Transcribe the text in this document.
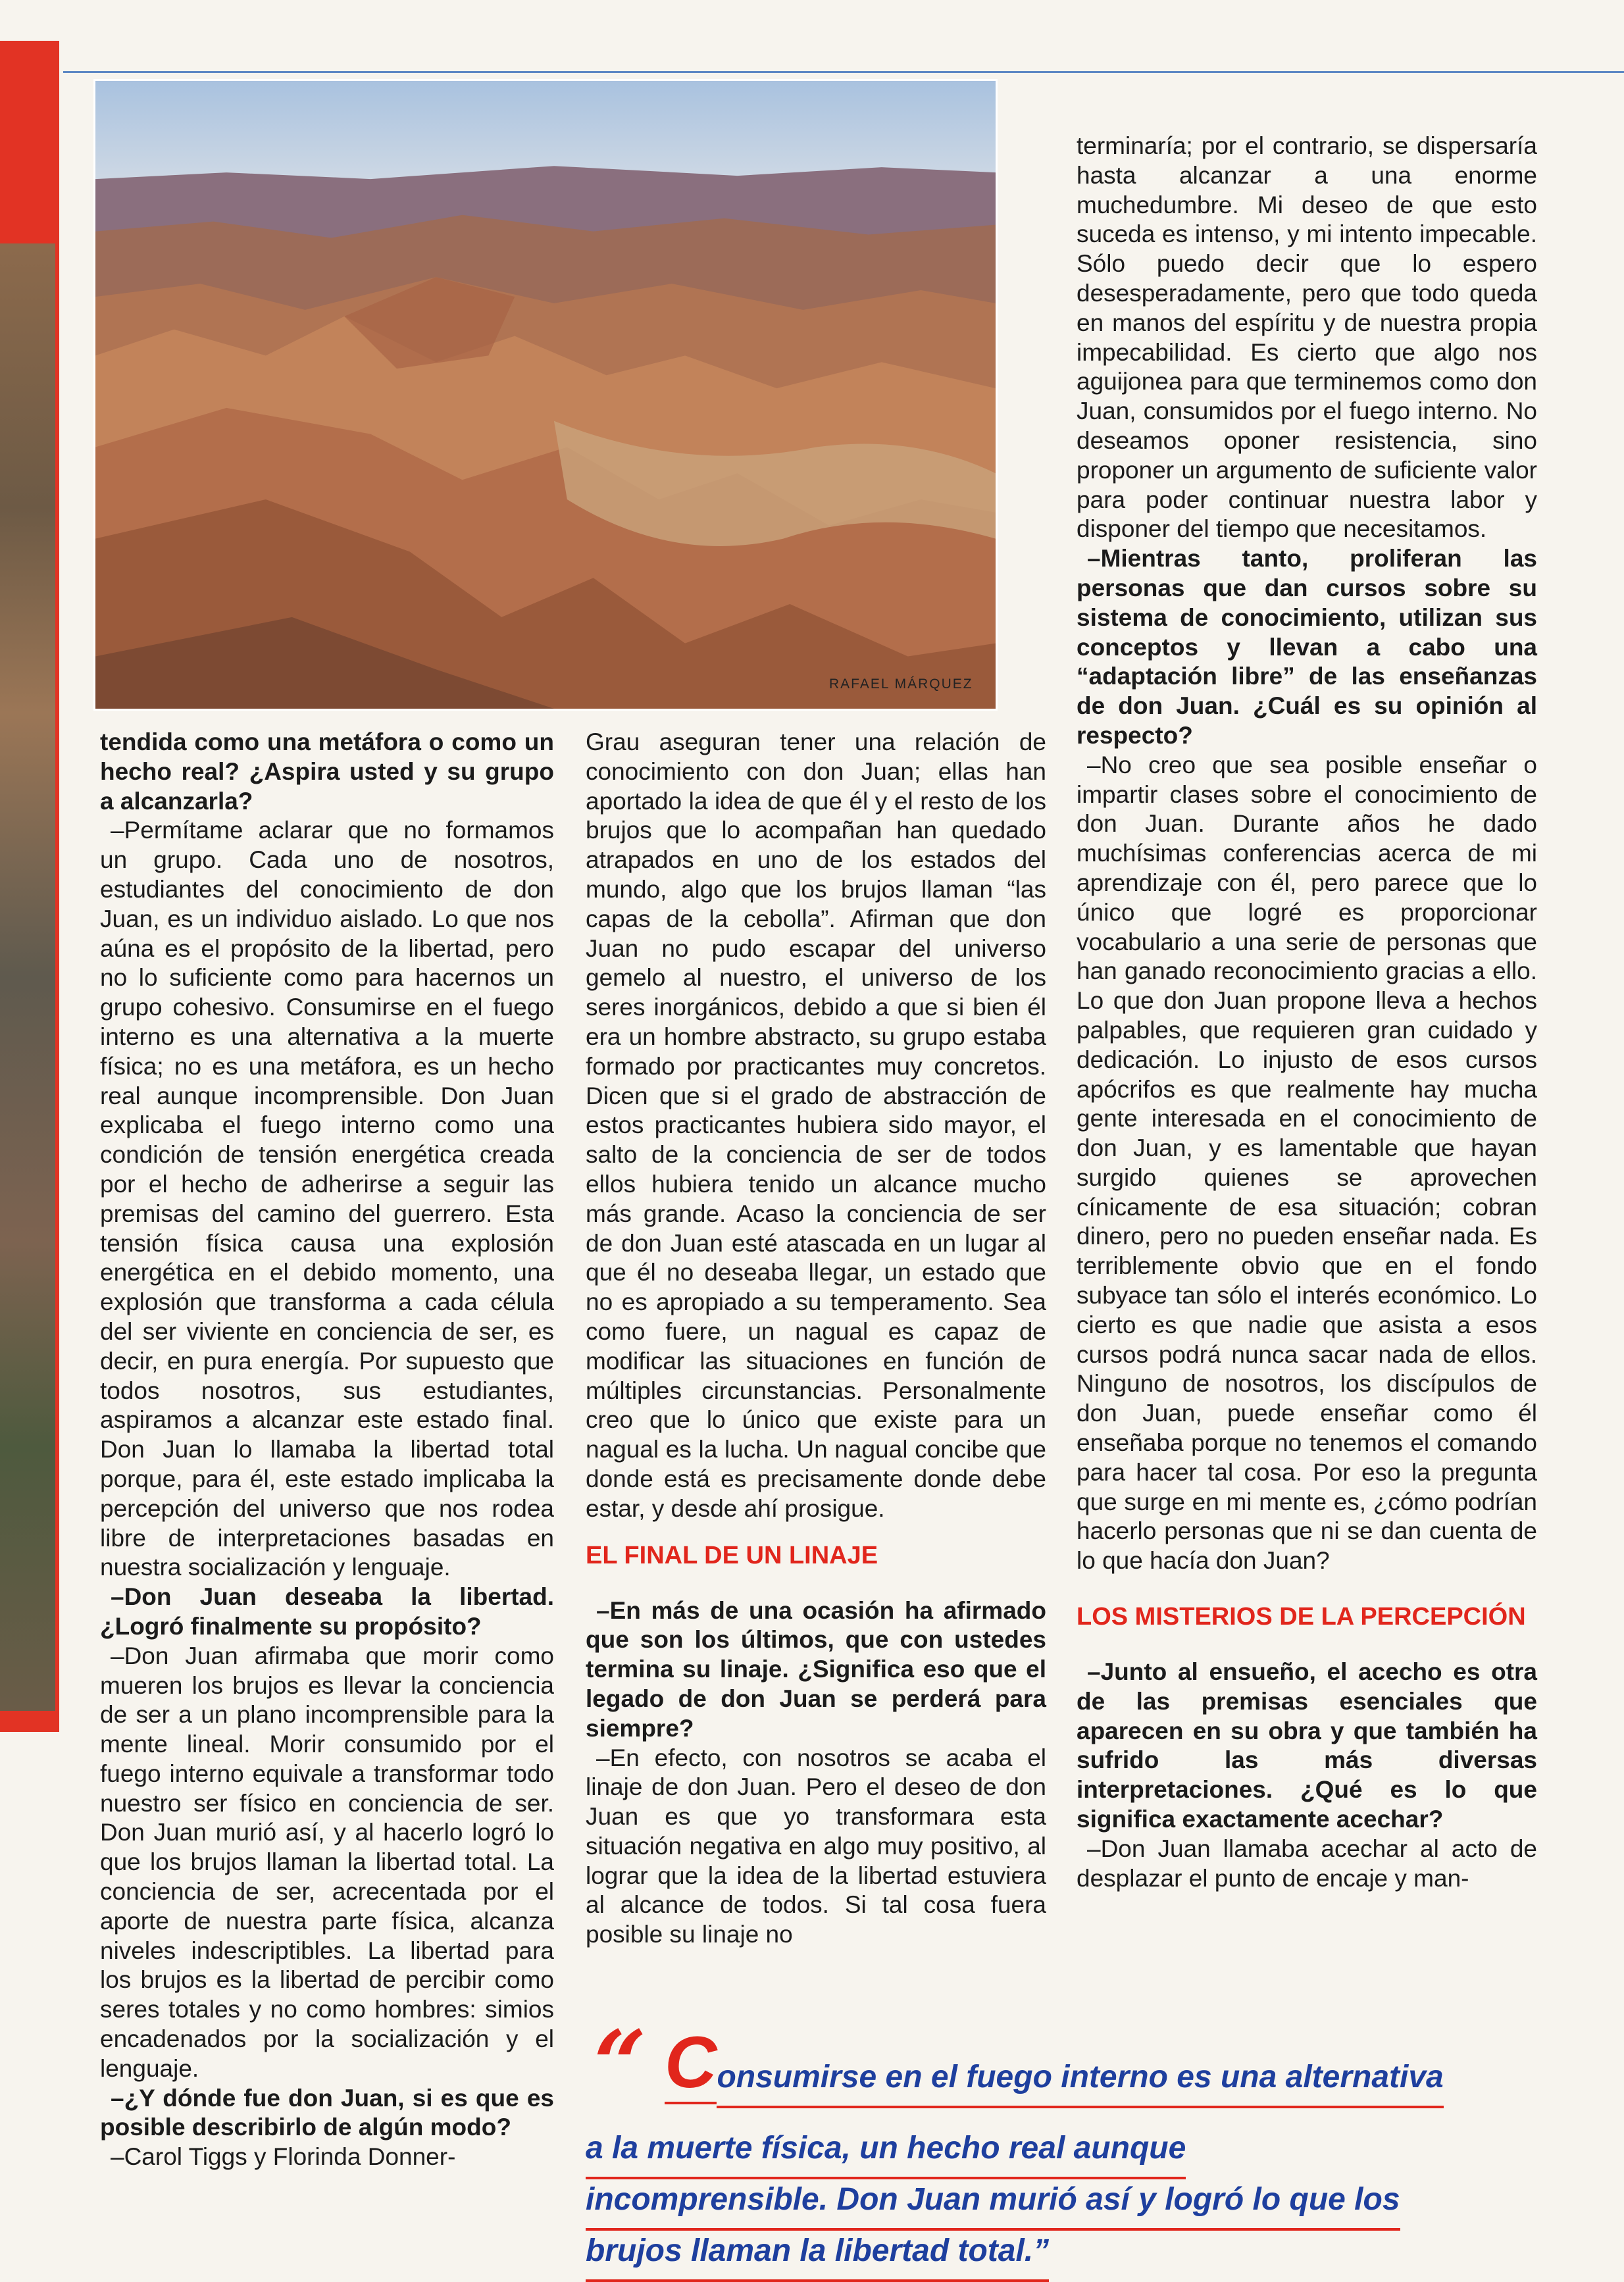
RAFAEL MÁRQUEZ

tendida como una metáfora o como un hecho real? ¿Aspira usted y su grupo a alcanzarla?

–Permítame aclarar que no formamos un grupo. Cada uno de nosotros, estudiantes del conocimiento de don Juan, es un individuo aislado. Lo que nos aúna es el propósito de la libertad, pero no lo suficiente como para hacernos un grupo cohesivo. Consumirse en el fuego interno es una alternativa a la muerte física; no es una metáfora, es un hecho real aunque incomprensible. Don Juan explicaba el fuego interno como una condición de tensión energética creada por el hecho de adherirse a seguir las premisas del camino del guerrero. Esta tensión física causa una explosión energética en el debido momento, una explosión que transforma a cada célula del ser viviente en conciencia de ser, es decir, en pura energía. Por supuesto que todos nosotros, sus estudiantes, aspiramos a alcanzar este estado final. Don Juan lo llamaba la libertad total porque, para él, este estado implicaba la percepción del universo que nos rodea libre de interpretaciones basadas en nuestra socialización y lenguaje.

–Don Juan deseaba la libertad. ¿Logró finalmente su propósito?

–Don Juan afirmaba que morir como mueren los brujos es llevar la conciencia de ser a un plano incomprensible para la mente lineal. Morir consumido por el fuego interno equivale a transformar todo nuestro ser físico en conciencia de ser. Don Juan murió así, y al hacerlo logró lo que los brujos llaman la libertad total. La conciencia de ser, acrecentada por el aporte de nuestra parte física, alcanza niveles indescriptibles. La libertad para los brujos es la libertad de percibir como seres totales y no como hombres: simios encadenados por la socialización y el lenguaje.

–¿Y dónde fue don Juan, si es que es posible describirlo de algún modo?

–Carol Tiggs y Florinda Donner-

Grau aseguran tener una relación de conocimiento con don Juan; ellas han aportado la idea de que él y el resto de los brujos que lo acompañan han quedado atrapados en uno de los estados del mundo, algo que los brujos llaman “las capas de la cebolla”. Afirman que don Juan no pudo escapar del universo gemelo al nuestro, el universo de los seres inorgánicos, debido a que si bien él era un hombre abstracto, su grupo estaba formado por practicantes muy concretos. Dicen que si el grado de abstracción de estos practicantes hubiera sido mayor, el salto de la conciencia de ser de todos ellos hubiera tenido un alcance mucho más grande. Acaso la conciencia de ser de don Juan esté atascada en un lugar al que él no deseaba llegar, un estado que no es apropiado a su temperamento. Sea como fuere, un nagual es capaz de modificar las situaciones en función de múltiples circunstancias. Personalmente creo que lo único que existe para un nagual es la lucha. Un nagual concibe que donde está es precisamente donde debe estar, y desde ahí prosigue.

EL FINAL DE UN LINAJE

–En más de una ocasión ha afirmado que son los últimos, que con ustedes termina su linaje. ¿Significa eso que el legado de don Juan se perderá para siempre?

–En efecto, con nosotros se acaba el linaje de don Juan. Pero el deseo de don Juan es que yo transformara esta situación negativa en algo muy positivo, al lograr que la idea de la libertad estuviera al alcance de todos. Si tal cosa fuera posible su linaje no

terminaría; por el contrario, se dispersaría hasta alcanzar a una enorme muchedumbre. Mi deseo de que esto suceda es intenso, y mi intento impecable. Sólo puedo decir que lo espero desesperadamente, pero que todo queda en manos del espíritu y de nuestra propia impecabilidad. Es cierto que algo nos aguijonea para que terminemos como don Juan, consumidos por el fuego interno. No deseamos oponer resistencia, sino proponer un argumento de suficiente valor para poder continuar nuestra labor y disponer del tiempo que necesitamos.

–Mientras tanto, proliferan las personas que dan cursos sobre su sistema de conocimiento, utilizan sus conceptos y llevan a cabo una “adaptación libre” de las enseñanzas de don Juan. ¿Cuál es su opinión al respecto?

–No creo que sea posible enseñar o impartir clases sobre el conocimiento de don Juan. Durante años he dado muchísimas conferencias acerca de mi aprendizaje con él, pero parece que lo único que logré es proporcionar vocabulario a una serie de personas que han ganado reconocimiento gracias a ello. Lo que don Juan propone lleva a hechos palpables, que requieren gran cuidado y dedicación. Lo injusto de esos cursos apócrifos es que realmente hay mucha gente interesada en el conocimiento de don Juan, y es lamentable que hayan surgido quienes se aprovechen cínicamente de esa situación; cobran dinero, pero no pueden enseñar nada. Es terriblemente obvio que en el fondo subyace tan sólo el interés económico. Lo cierto es que nadie que asista a esos cursos podrá nunca sacar nada de ellos. Ninguno de nosotros, los discípulos de don Juan, puede enseñar como él enseñaba porque no tenemos el comando para hacer tal cosa. Por eso la pregunta que surge en mi mente es, ¿cómo podrían hacerlo personas que ni se dan cuenta de lo que hacía don Juan?

LOS MISTERIOS DE LA PERCEPCIÓN

–Junto al ensueño, el acecho es otra de las premisas esenciales que aparecen en su obra y que también ha sufrido las más diversas interpretaciones. ¿Qué es lo que significa exactamente acechar?

–Don Juan llamaba acechar al acto de desplazar el punto de encaje y man-

“ Consumirse en el fuego interno es una alternativa
a la muerte física, un hecho real aunque
incomprensible. Don Juan murió así y logró lo que los
brujos llaman la libertad total.”
